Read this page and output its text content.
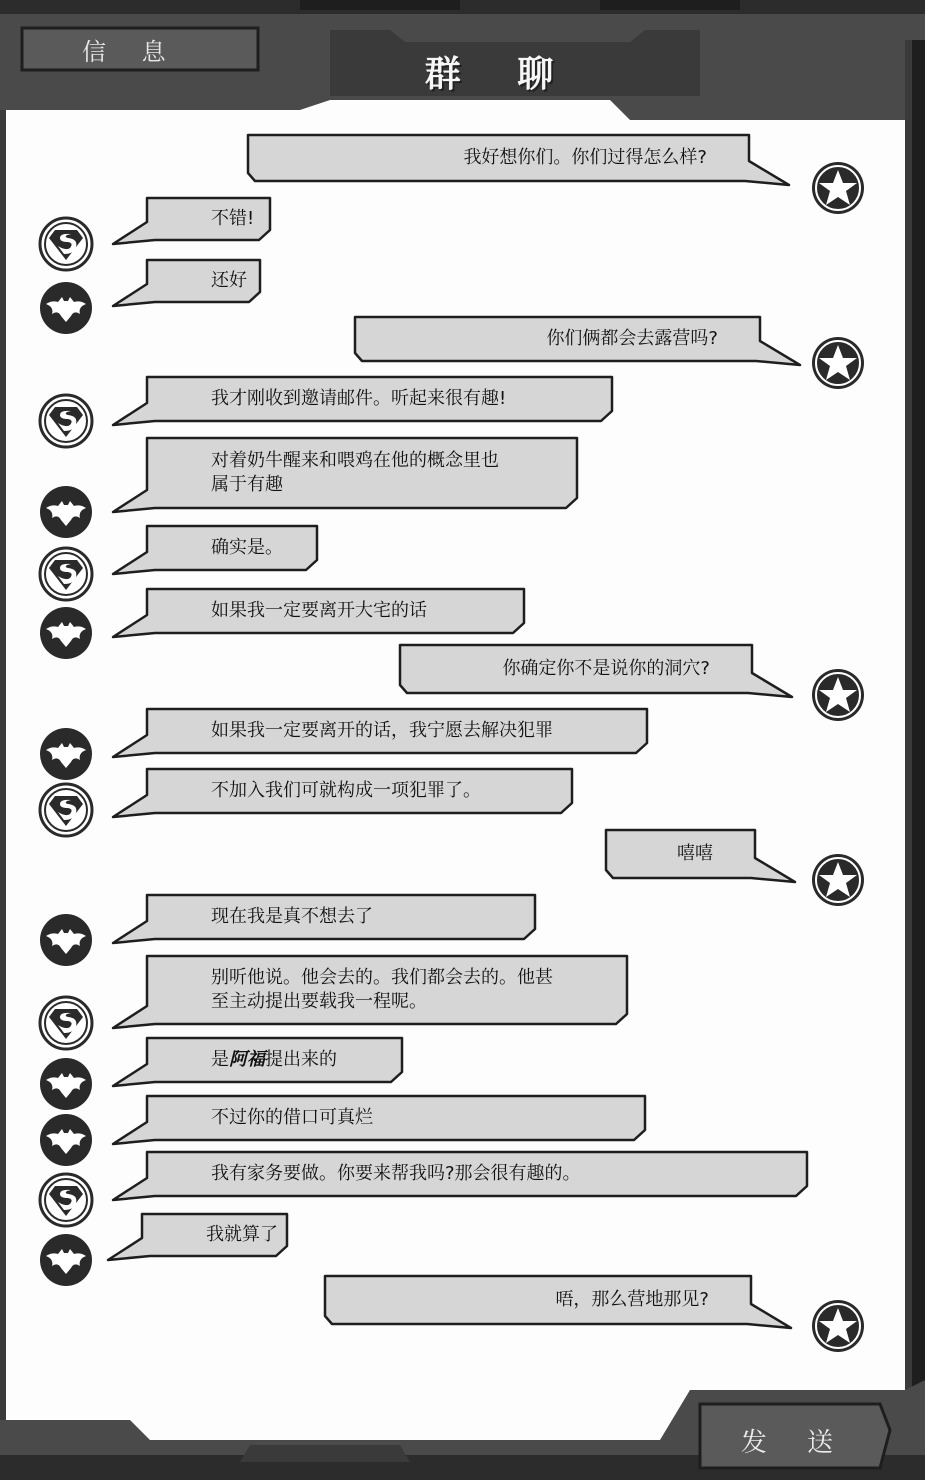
信 息
群 聊
发 送
我好想你们。你们过得怎么样?
不错!
还好
你们俩都会去露营吗?
我才刚收到邀请邮件。听起来很有趣!
对着奶牛醒来和喂鸡在他的概念里也
属于有趣
确实是。
如果我一定要离开大宅的话
你确定你不是说你的洞穴?
如果我一定要离开的话，我宁愿去解决犯罪
不加入我们可就构成一项犯罪了。
嘻嘻
现在我是真不想去了
别听他说。他会去的。我们都会去的。他甚
至主动提出要载我一程呢。
是阿福提出来的
不过你的借口可真烂
我有家务要做。你要来帮我吗?那会很有趣的。
我就算了
唔，那么营地那见?
